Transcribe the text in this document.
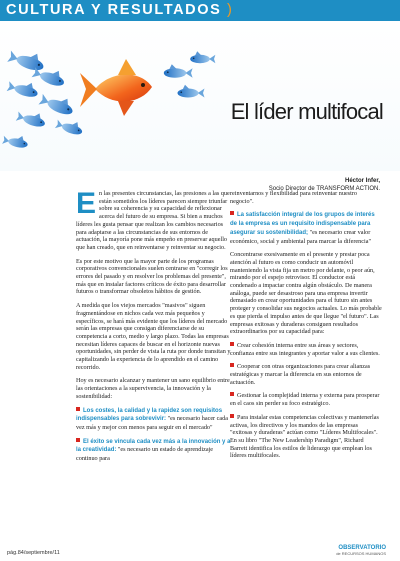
CULTURA Y RESULTADOS )
El líder multifocal
Héctor Infer,
Socio Director de TRANSFORM ACTION.

En las presentes circunstancias, las presiones a las que están sometidos los líderes parecen siempre triunfar sobre su coherencia y su capacidad de reflexionar acerca del futuro de su empresa. Si bien a muchos líderes les gusta pensar que realizan los cambios necesarios para adaptarse a las circunstancias de sus entornos de actuación, la mayoría pone más empeño en preservar aquello que han creado, que en reinventarse y reinventar su negocio.

Es por este motivo que la mayor parte de los programas corporativos convencionales suelen centrarse en "corregir los errores del pasado y en resolver los problemas del presente", más que en instalar factores críticos de éxito para desarrollar futuros o transformar obsoletos hábitos de gestión.

A medida que los viejos mercados "masivos" siguen fragmentándose en nichos cada vez más pequeños y específicos, se hará más evidente que los líderes del mercado serán las empresas que consigan diferenciarse de su competencia a corto, medio y largo plazo. Todas las empresas necesitan líderes capaces de buscar en el horizonte nuevas oportunidades, sin perder de vista la ruta por donde transitan y capitalizando la experiencia de lo aprendido en el camino recorrido.

Hoy es necesario alcanzar y mantener un sano equilibrio entre las orientaciones a la supervivencia, la innovación y la sostenibilidad:

Los costes, la calidad y la rapidez son requisitos indispensables para sobrevivir: "es necesario hacer cada vez más y mejor con menos para seguir en el mercado"

El éxito se vincula cada vez más a la innovación y a la creatividad: "es necesario un estado de aprendizaje continuo para

reinventarnos y flexibilidad para reinventar nuestro negocio".

La satisfacción integral de los grupos de interés de la empresa es un requisito indispensable para asegurar su sostenibilidad; "es necesario crear valor económico, social y ambiental para marcar la diferencia"

Concentrarse exesivamente en el presente y prestar poca atención al futuro es como conducir un automóvil manteniendo la vista fija un metro por delante, o peor aún, mirando por el espejo retrovisor. El conductor está condenado a impactar contra algún obstáculo. De manera análoga, puede ser desastroso para una empresa invertir demasiado en crear oportunidades para el futuro sin antes proteger y consolidar sus negocios actuales. Lo más probable es que pierda el impulso antes de que llegue "el futuro". Las empresas exitosas y duraderas consiguen resultados extraordinarios por su capacidad para:

Crear cohesión interna entre sus áreas y sectores, confianza entre sus integrantes y aportar valor a sus clientes.

Cooperar con otras organizaciones para crear alianzas estratégicas y marcar la diferencia en sus entornos de actuación.

Gestionar la complejidad interna y externa para prosperar en el caos sin perder su foco estratégico.

Para instalar estas competencias colectivas y mantenerlas activas, los directivos y los mandos de las empresas "exitosas y duraderas" actúan como "Líderes Multifocales". En su libro "The New Leadership Paradigm", Richard Barrett identifica los estilos de liderazgo que emplean los líderes multifocales.

pág.84/septiembre/11
OBSERVATORIO
de RECURSOS HUMANOS
